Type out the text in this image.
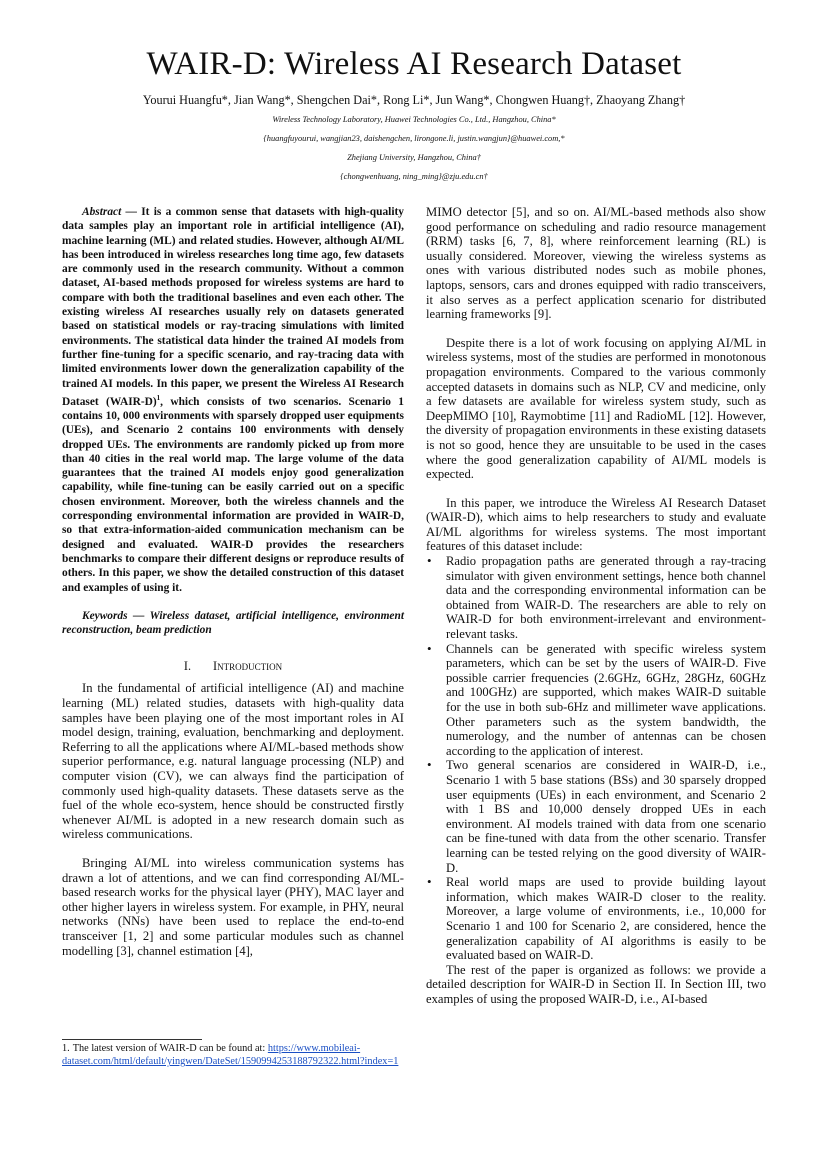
WAIR-D: Wireless AI Research Dataset
Yourui Huangfu*, Jian Wang*, Shengchen Dai*, Rong Li*, Jun Wang*, Chongwen Huang†, Zhaoyang Zhang†
Wireless Technology Laboratory, Huawei Technologies Co., Ltd., Hangzhou, China*
{huangfuyourui, wangjian23, daishengchen, lirongone.li, justin.wangjun}@huawei.com,*
Zhejiang University, Hangzhou, China†
{chongwenhuang, ning_ming}@zju.edu.cn†

Abstract — It is a common sense that datasets with high-quality data samples play an important role in artificial intelligence (AI), machine learning (ML) and related studies. However, although AI/ML has been introduced in wireless researches long time ago, few datasets are commonly used in the research community. Without a common dataset, AI-based methods proposed for wireless systems are hard to compare with both the traditional baselines and even each other. The existing wireless AI researches usually rely on datasets generated based on statistical models or ray-tracing simulations with limited environments. The statistical data hinder the trained AI models from further fine-tuning for a specific scenario, and ray-tracing data with limited environments lower down the generalization capability of the trained AI models. In this paper, we present the Wireless AI Research Dataset (WAIR-D)$^1$, which consists of two scenarios. Scenario 1 contains 10, 000 environments with sparsely dropped user equipments (UEs), and Scenario 2 contains 100 environments with densely dropped UEs. The environments are randomly picked up from more than 40 cities in the real world map. The large volume of the data guarantees that the trained AI models enjoy good generalization capability, while fine-tuning can be easily carried out on a specific chosen environment. Moreover, both the wireless channels and the corresponding environmental information are provided in WAIR-D, so that extra-information-aided communication mechanism can be designed and evaluated. WAIR-D provides the researchers benchmarks to compare their different designs or reproduce results of others. In this paper, we show the detailed construction of this dataset and examples of using it.

Keywords — Wireless dataset, artificial intelligence, environment reconstruction, beam prediction

I. Introduction

In the fundamental of artificial intelligence (AI) and machine learning (ML) related studies, datasets with high-quality data samples have been playing one of the most important roles in AI model design, training, evaluation, benchmarking and deployment. Referring to all the applications where AI/ML-based methods show superior performance, e.g. natural language processing (NLP) and computer vision (CV), we can always find the participation of commonly used high-quality datasets. These datasets serve as the fuel of the whole eco-system, hence should be constructed firstly whenever AI/ML is adopted in a new research domain such as wireless communications.

Bringing AI/ML into wireless communication systems has drawn a lot of attentions, and we can find corresponding AI/ML-based research works for the physical layer (PHY), MAC layer and other higher layers in wireless system. For example, in PHY, neural networks (NNs) have been used to replace the end-to-end transceiver [1, 2] and some particular modules such as channel modelling [3], channel estimation [4],

1. The latest version of WAIR-D can be found at: https://www.mobileai-dataset.com/html/default/yingwen/DateSet/1590994253188792322.html?index=1

MIMO detector [5], and so on. AI/ML-based methods also show good performance on scheduling and radio resource management (RRM) tasks [6, 7, 8], where reinforcement learning (RL) is usually considered. Moreover, viewing the wireless systems as ones with various distributed nodes such as mobile phones, laptops, sensors, cars and drones equipped with radio transceivers, it also serves as a perfect application scenario for distributed learning frameworks [9].

Despite there is a lot of work focusing on applying AI/ML in wireless systems, most of the studies are performed in monotonous propagation environments. Compared to the various commonly accepted datasets in domains such as NLP, CV and medicine, only a few datasets are available for wireless system study, such as DeepMIMO [10], Raymobtime [11] and RadioML [12]. However, the diversity of propagation environments in these existing datasets is not so good, hence they are unsuitable to be used in the cases where the good generalization capability of AI/ML models is expected.

In this paper, we introduce the Wireless AI Research Dataset (WAIR-D), which aims to help researchers to study and evaluate AI/ML algorithms for wireless systems. The most important features of this dataset include:

• Radio propagation paths are generated through a ray-tracing simulator with given environment settings, hence both channel data and the corresponding environmental information can be obtained from WAIR-D. The researchers are able to rely on WAIR-D for both environment-irrelevant and environment-relevant tasks.
• Channels can be generated with specific wireless system parameters, which can be set by the users of WAIR-D. Five possible carrier frequencies (2.6GHz, 6GHz, 28GHz, 60GHz and 100GHz) are supported, which makes WAIR-D suitable for the use in both sub-6Hz and millimeter wave applications. Other parameters such as the system bandwidth, the numerology, and the number of antennas can be chosen according to the application of interest.
• Two general scenarios are considered in WAIR-D, i.e., Scenario 1 with 5 base stations (BSs) and 30 sparsely dropped user equipments (UEs) in each environment, and Scenario 2 with 1 BS and 10,000 densely dropped UEs in each environment. AI models trained with data from one scenario can be fine-tuned with data from the other scenario. Transfer learning can be tested relying on the good diversity of WAIR-D.
• Real world maps are used to provide building layout information, which makes WAIR-D closer to the reality. Moreover, a large volume of environments, i.e., 10,000 for Scenario 1 and 100 for Scenario 2, are considered, hence the generalization capability of AI algorithms is easily to be evaluated based on WAIR-D.

The rest of the paper is organized as follows: we provide a detailed description for WAIR-D in Section II. In Section III, two examples of using the proposed WAIR-D, i.e., AI-based
